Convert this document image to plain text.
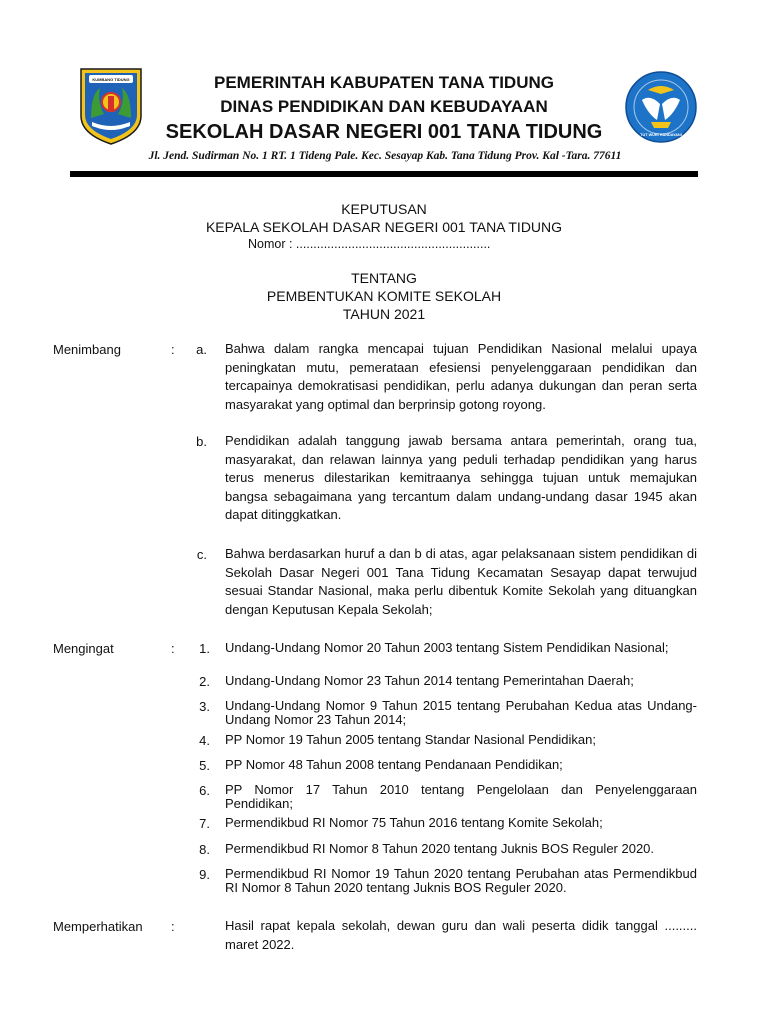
KUMBANG TIDUNG
TUT WURI HANDAYANI
PEMERINTAH KABUPATEN TANA TIDUNG
DINAS PENDIDIKAN DAN KEBUDAYAAN
SEKOLAH DASAR NEGERI 001 TANA TIDUNG
Jl. Jend. Sudirman No. 1 RT. 1 Tideng Pale. Kec. Sesayap Kab. Tana Tidung Prov. Kal -Tara. 77611
KEPUTUSAN
KEPALA SEKOLAH DASAR NEGERI 001 TANA TIDUNG
Nomor : ........................................................
TENTANG
PEMBENTUKAN KOMITE SEKOLAH
TAHUN 2021
Menimbang	:	a. Bahwa dalam rangka mencapai tujuan Pendidikan Nasional melalui upaya peningkatan mutu, pemerataan efesiensi penyelenggaraan pendidikan dan tercapainya demokratisasi pendidikan, perlu adanya dukungan dan peran serta masyarakat yang optimal dan berprinsip gotong royong.
b. Pendidikan adalah tanggung jawab bersama antara pemerintah, orang tua, masyarakat, dan relawan lainnya yang peduli terhadap pendidikan yang harus terus menerus dilestarikan kemitraanya sehingga tujuan untuk memajukan bangsa sebagaimana yang tercantum dalam undang-undang dasar 1945 akan dapat ditinggkatkan.
c. Bahwa berdasarkan huruf a dan b di atas, agar pelaksanaan sistem pendidikan di Sekolah Dasar Negeri 001 Tana Tidung Kecamatan Sesayap dapat terwujud sesuai Standar Nasional, maka perlu dibentuk Komite Sekolah yang dituangkan dengan Keputusan Kepala Sekolah;
Mengingat	:	1. Undang-Undang Nomor 20 Tahun 2003 tentang Sistem Pendidikan Nasional;
2. Undang-Undang Nomor 23 Tahun 2014 tentang Pemerintahan Daerah;
3. Undang-Undang Nomor 9 Tahun 2015 tentang Perubahan Kedua atas Undang-Undang Nomor 23 Tahun 2014;
4. PP Nomor 19 Tahun 2005 tentang Standar Nasional Pendidikan;
5. PP Nomor 48 Tahun 2008 tentang Pendanaan Pendidikan;
6. PP Nomor 17 Tahun 2010 tentang Pengelolaan dan Penyelenggaraan Pendidikan;
7. Permendikbud RI Nomor 75 Tahun 2016 tentang Komite Sekolah;
8. Permendikbud RI Nomor 8 Tahun 2020 tentang Juknis BOS Reguler 2020.
9. Permendikbud RI Nomor 19 Tahun 2020 tentang Perubahan atas Permendikbud RI Nomor 8 Tahun 2020 tentang Juknis BOS Reguler 2020.
Memperhatikan :	Hasil rapat kepala sekolah, dewan guru dan wali peserta didik tanggal ......... maret 2022.
